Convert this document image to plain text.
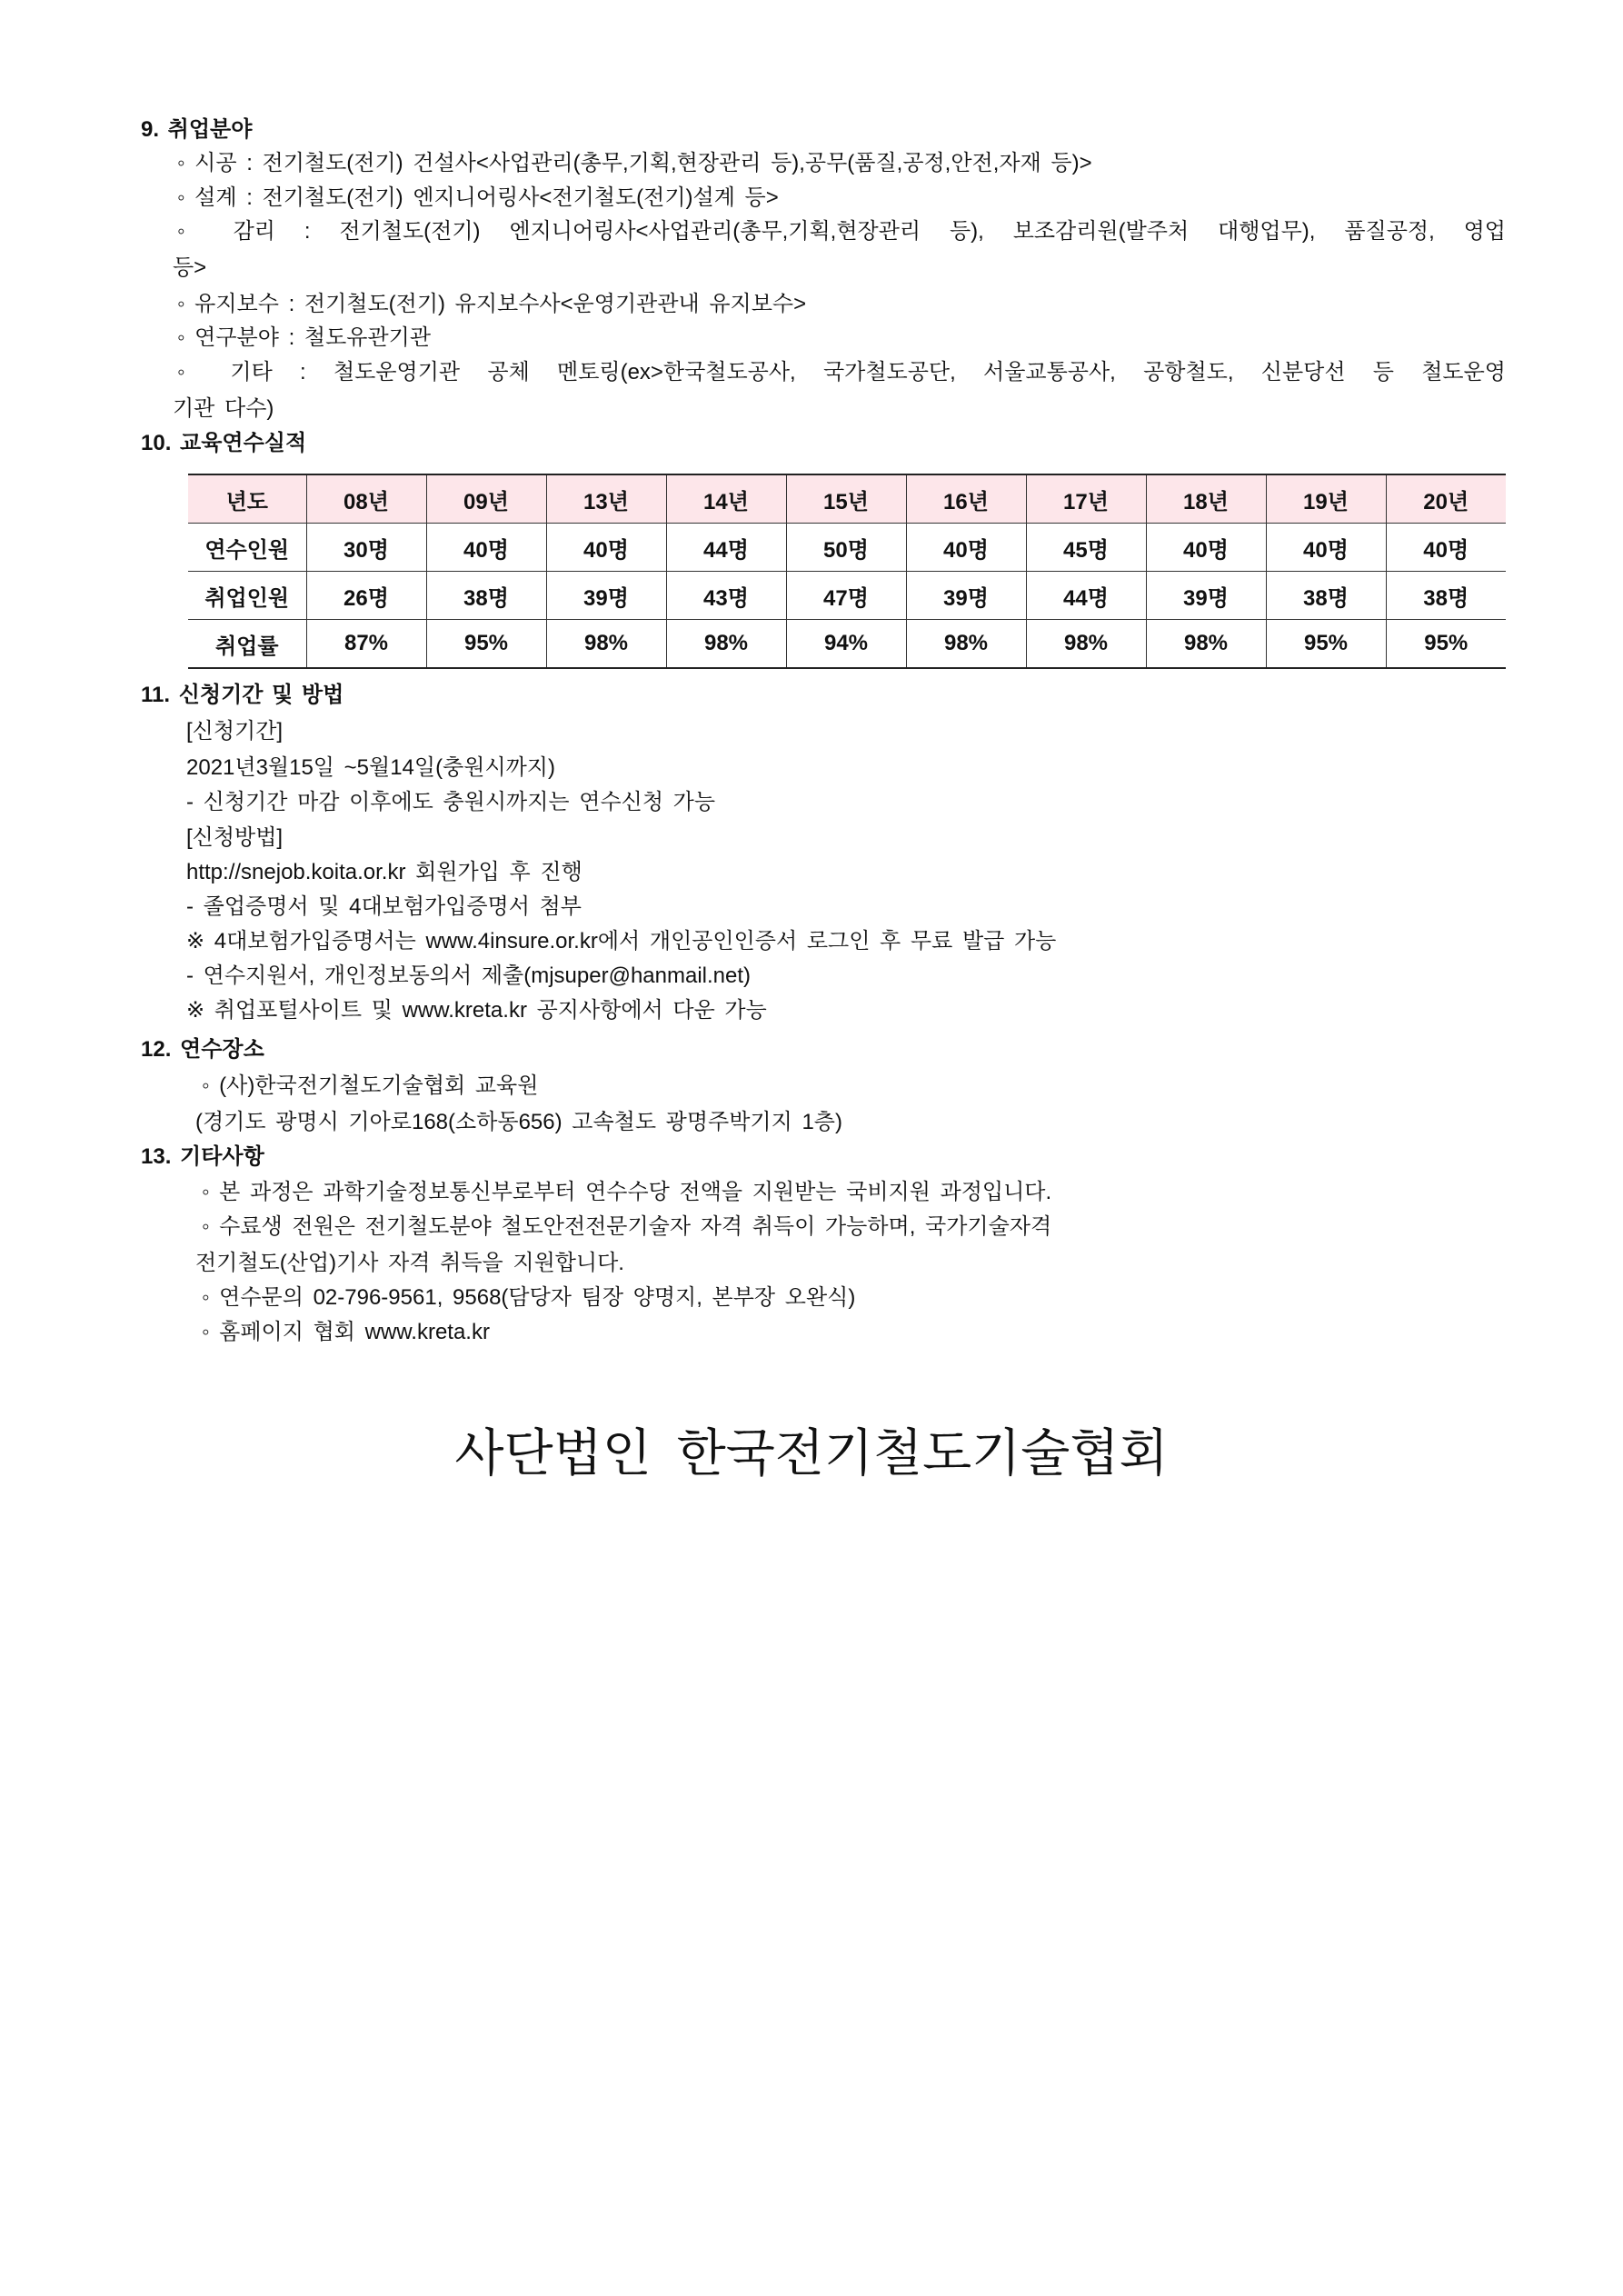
9. 취업분야
◦ 시공 : 전기철도(전기) 건설사<사업관리(총무,기획,현장관리 등),공무(품질,공정,안전,자재 등)>
◦ 설계 : 전기철도(전기) 엔지니어링사<전기철도(전기)설계 등>
◦ 감리 : 전기철도(전기) 엔지니어링사<사업관리(총무,기획,현장관리 등), 보조감리원(발주처 대행업무), 품질공정, 영업
등>
◦ 유지보수 : 전기철도(전기) 유지보수사<운영기관관내 유지보수>
◦ 연구분야 : 철도유관기관
◦ 기타 : 철도운영기관 공체 멘토링(ex>한국철도공사, 국가철도공단, 서울교통공사, 공항철도, 신분당선 등 철도운영
기관 다수)
10. 교육연수실적
년도	08년	09년	13년	14년	15년	16년	17년	18년	19년	20년
연수인원	30명	40명	40명	44명	50명	40명	45명	40명	40명	40명
취업인원	26명	38명	39명	43명	47명	39명	44명	39명	38명	38명
취업률	87%	95%	98%	98%	94%	98%	98%	98%	95%	95%
11. 신청기간 및 방법
[신청기간]
2021년3월15일 ~5월14일(충원시까지)
- 신청기간 마감 이후에도 충원시까지는 연수신청 가능
[신청방법]
http://snejob.koita.or.kr 회원가입 후 진행
- 졸업증명서 및 4대보험가입증명서 첨부
※ 4대보험가입증명서는 www.4insure.or.kr에서 개인공인인증서 로그인 후 무료 발급 가능
- 연수지원서, 개인정보동의서 제출(mjsuper@hanmail.net)
※ 취업포털사이트 및 www.kreta.kr 공지사항에서 다운 가능
12. 연수장소
◦ (사)한국전기철도기술협회 교육원
(경기도 광명시 기아로168(소하동656) 고속철도 광명주박기지 1층)
13. 기타사항
◦ 본 과정은 과학기술정보통신부로부터 연수수당 전액을 지원받는 국비지원 과정입니다.
◦ 수료생 전원은 전기철도분야 철도안전전문기술자 자격 취득이 가능하며, 국가기술자격
전기철도(산업)기사 자격 취득을 지원합니다.
◦ 연수문의 02-796-9561, 9568(담당자 팀장 양명지, 본부장 오완식)
◦ 홈페이지 협회 www.kreta.kr
사단법인 한국전기철도기술협회
